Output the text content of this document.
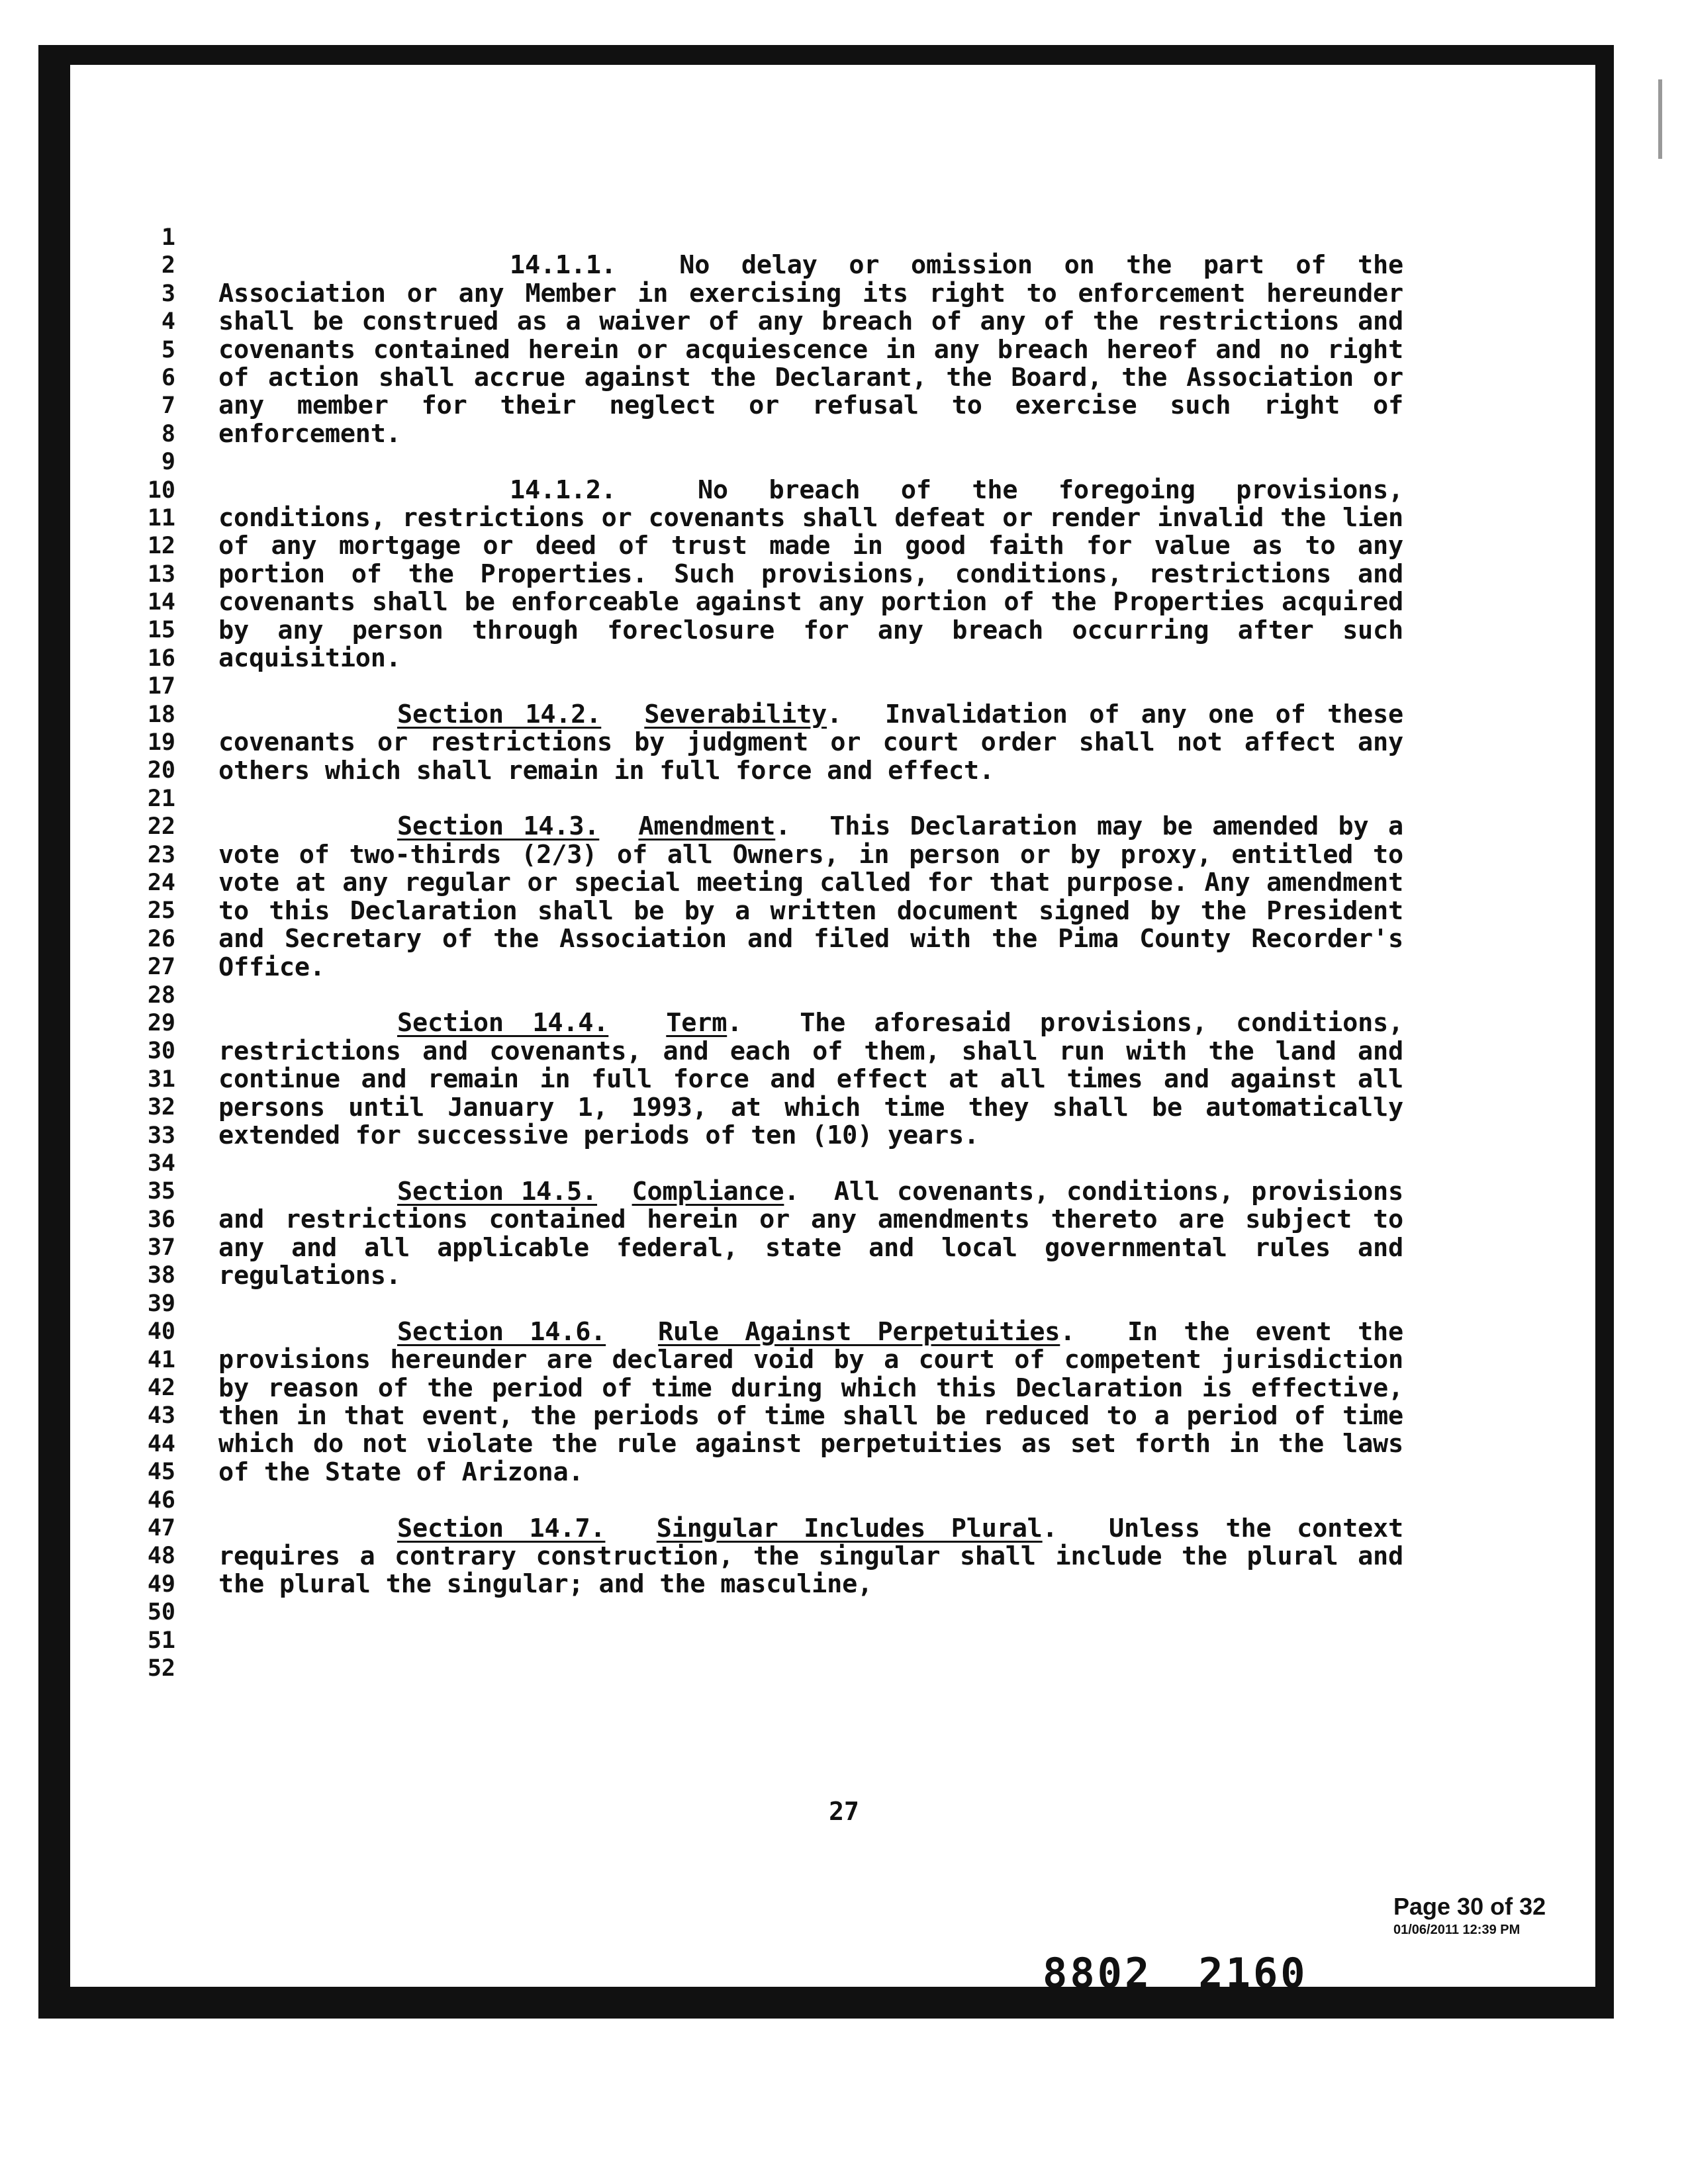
1
2
3
4
5
6
7
8
9
10
11
12
13
14
15
16
17
18
19
20
21
22
23
24
25
26
27
28
29
30
31
32
33
34
35
36
37
38
39
40
41
42
43
44
45
46
47
48
49
50
51
52

14.1.1. No delay or omission on the part of the Association or any Member in exercising its right to enforcement hereunder shall be construed as a waiver of any breach of any of the restrictions and covenants contained herein or acquiescence in any breach hereof and no right of action shall accrue against the Declarant, the Board, the Association or any member for their neglect or refusal to exercise such right of enforcement.

14.1.2.	No breach of the foregoing provisions, conditions, restrictions or covenants shall defeat or render invalid the lien of any mortgage or deed of trust made in good faith for value as to any portion of the Properties. Such provisions, conditions, restrictions and covenants shall be enforceable against any portion of the Properties acquired by any person through foreclosure for any breach occurring after such acquisition.

Section 14.2. Severability.  Invalidation of any one of these covenants or restrictions by judgment or court order shall not affect any others which shall remain in full force and effect.

Section 14.3. Amendment.  This Declaration may be amended by a vote of two-thirds (2/3) of all Owners, in person or by proxy, entitled to vote at any regular or special meeting called for that purpose. Any amendment to this Declaration shall be by a written document signed by the President and Secretary of the Association and filed with the Pima County Recorder's Office.

Section 14.4. Term.  The aforesaid provisions, conditions, restrictions and covenants, and each of them, shall run with the land and continue and remain in full force and effect at all times and against all persons until January 1, 1993, at which time they shall be automatically extended for successive periods of ten (10) years.

Section 14.5. Compliance.  All covenants, conditions, provisions and restrictions contained herein or any amendments thereto are subject to any and all applicable federal, state and local governmental rules and regulations.

Section 14.6. Rule Against Perpetuities.  In the event the provisions hereunder are declared void by a court of competent jurisdiction by reason of the period of time during which this Declaration is effective, then in that event, the periods of time shall be reduced to a period of time which do not violate the rule against perpetuities as set forth in the laws of the State of Arizona.

Section 14.7. Singular Includes Plural.  Unless the context requires a contrary construction, the singular shall include the plural and the plural the singular; and the masculine,

27
Page 30 of 32
01/06/2011 12:39 PM
8802 2160
